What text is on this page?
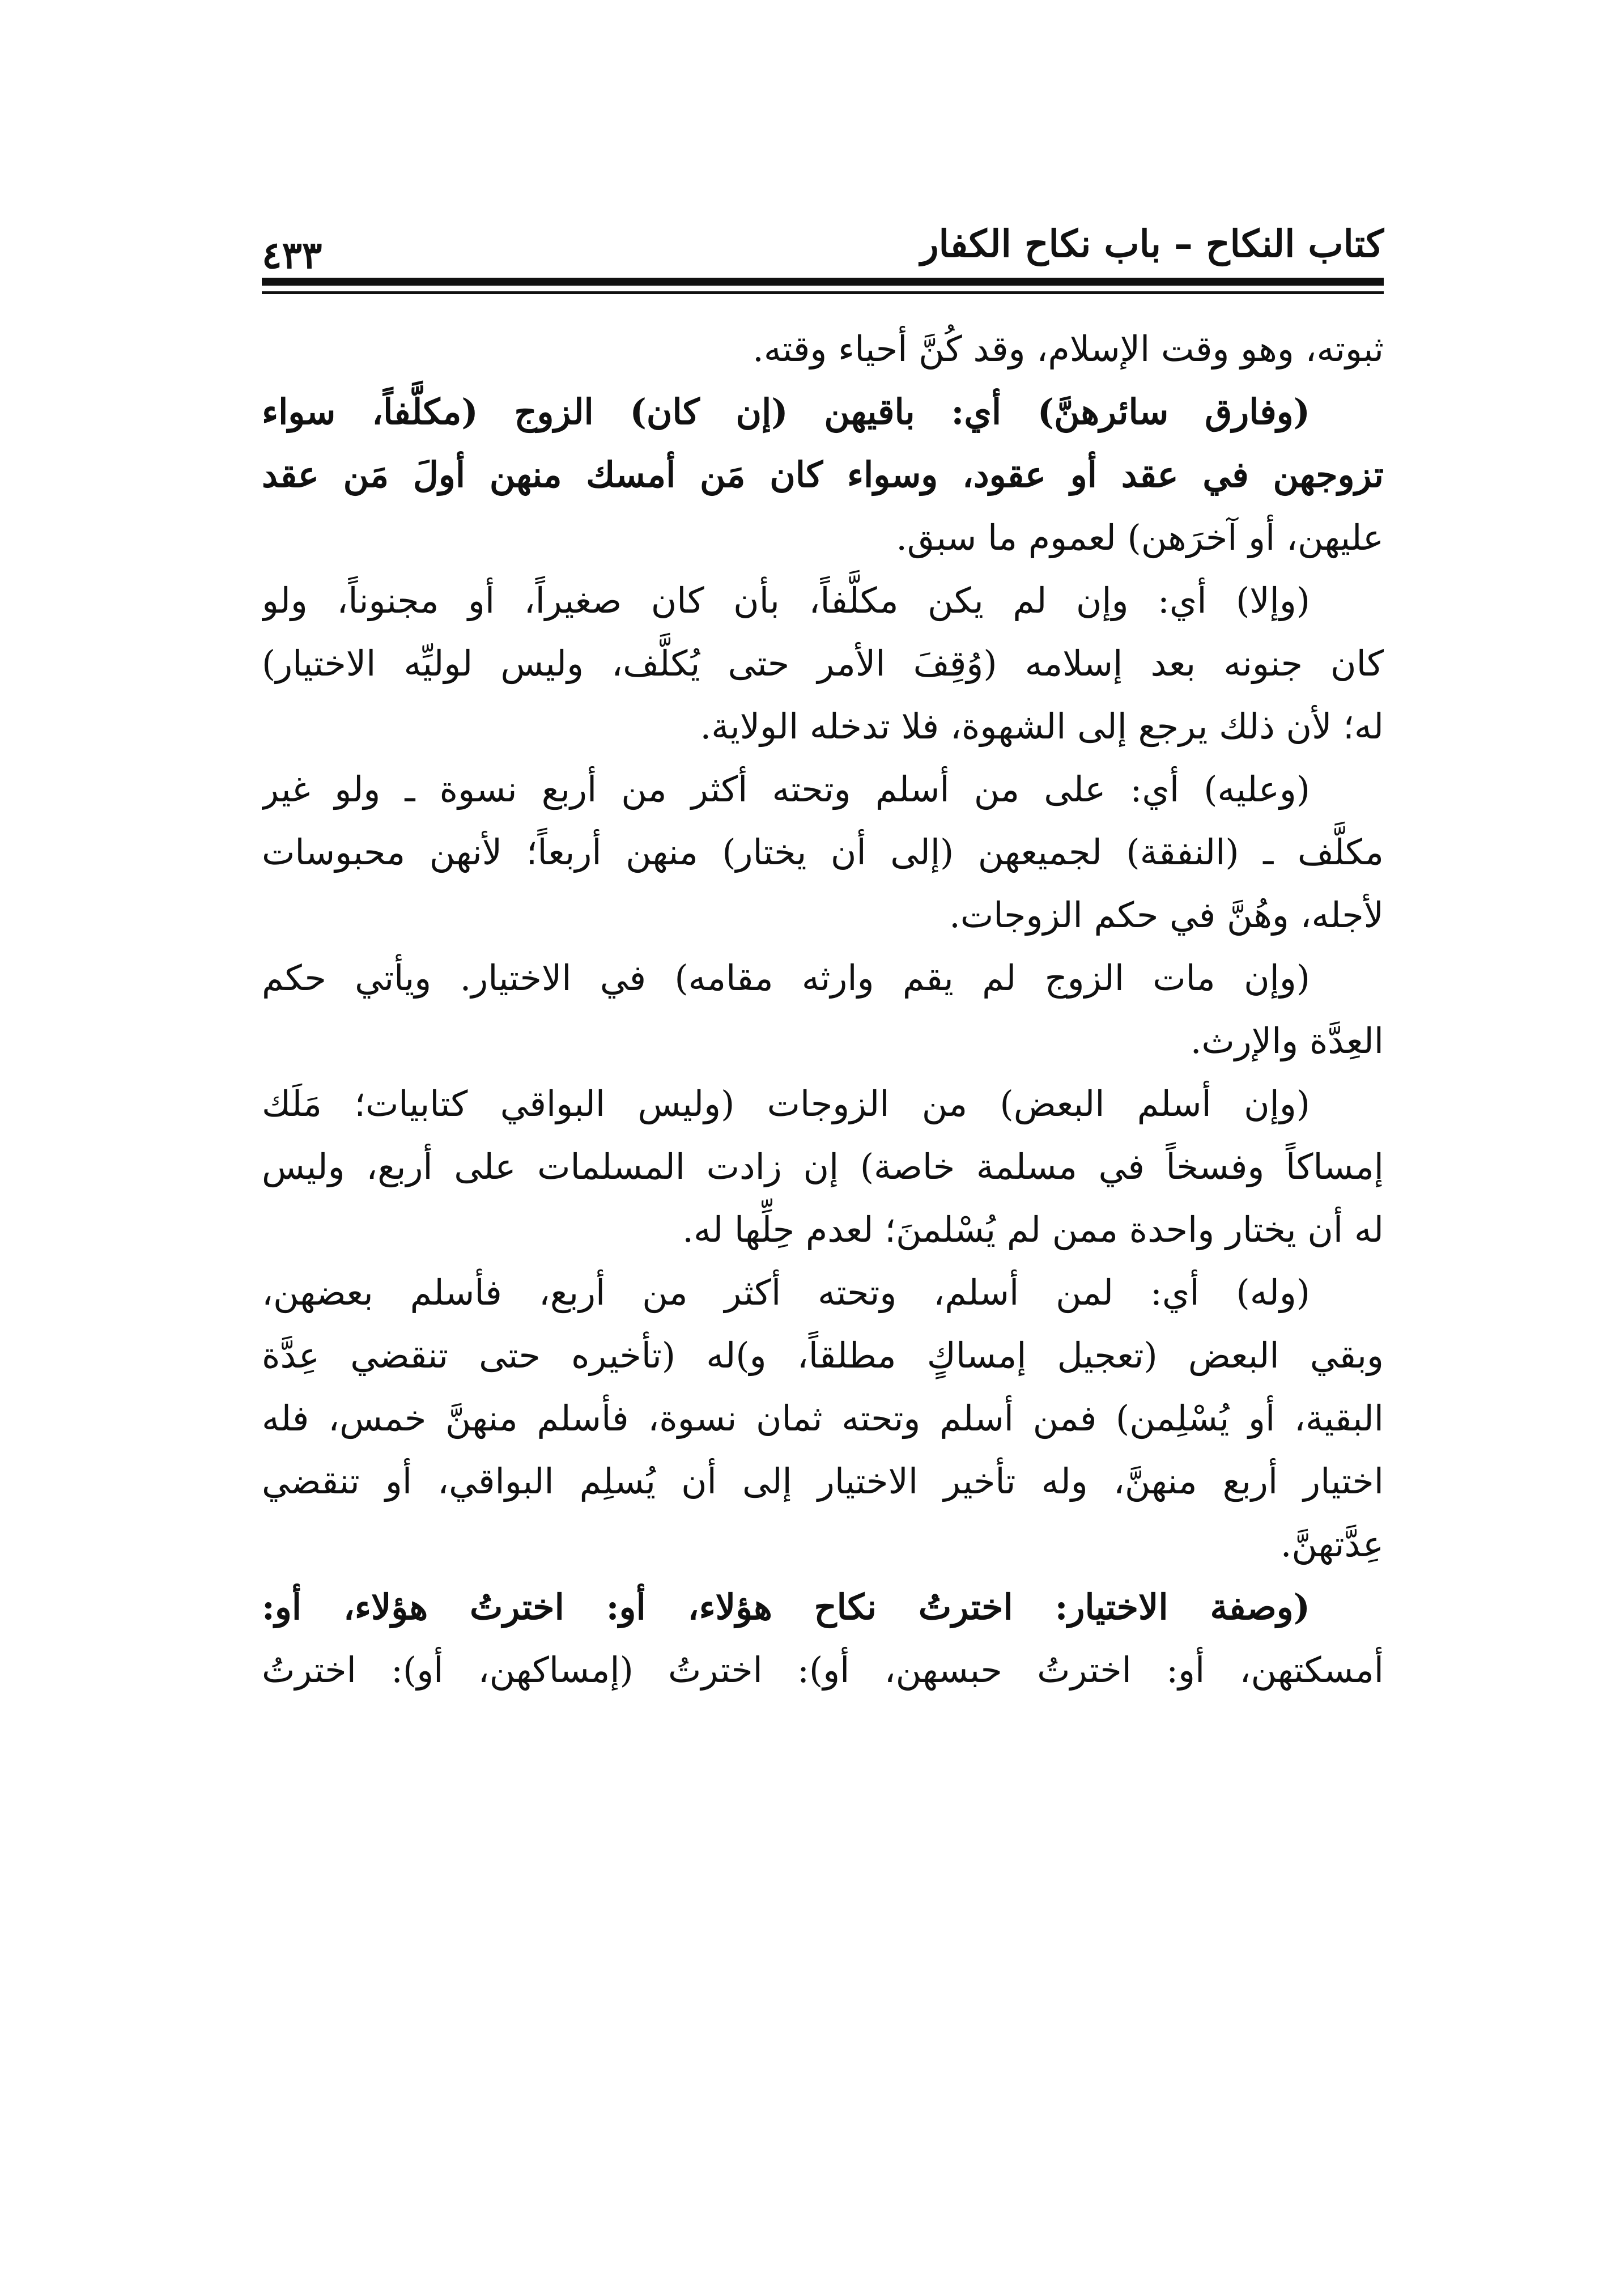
كتاب النكاح – باب نكاح الكفار
٤٣٣
ثبوته، وهو وقت الإسلام، وقد كُنَّ أحياء وقته.
(وفارق سائرهنَّ) أي: باقيهن (إن كان) الزوج (مكلَّفاً، سواء
تزوجهن في عقد أو عقود، وسواء كان مَن أمسك منهن أولَ مَن عقد
عليهن، أو آخرَهن) لعموم ما سبق.
(وإلا) أي: وإن لم يكن مكلَّفاً، بأن كان صغيراً، أو مجنوناً، ولو
كان جنونه بعد إسلامه (وُقِفَ الأمر حتى يُكلَّف، وليس لوليِّه الاختيار)
له؛ لأن ذلك يرجع إلى الشهوة، فلا تدخله الولاية.
(وعليه) أي: على من أسلم وتحته أكثر من أربع نسوة ـ ولو غير
مكلَّف ـ (النفقة) لجميعهن (إلى أن يختار) منهن أربعاً؛ لأنهن محبوسات
لأجله، وهُنَّ في حكم الزوجات.
(وإن مات الزوج لم يقم وارثه مقامه) في الاختيار. ويأتي حكم
العِدَّة والإرث.
(وإن أسلم البعض) من الزوجات (وليس البواقي كتابيات؛ مَلَك
إمساكاً وفسخاً في مسلمة خاصة) إن زادت المسلمات على أربع، وليس
له أن يختار واحدة ممن لم يُسْلمنَ؛ لعدم حِلِّها له.
(وله) أي: لمن أسلم، وتحته أكثر من أربع، فأسلم بعضهن،
وبقي البعض (تعجيل إمساكٍ مطلقاً، و)له (تأخيره حتى تنقضي عِدَّة
البقية، أو يُسْلِمن) فمن أسلم وتحته ثمان نسوة، فأسلم منهنَّ خمس، فله
اختيار أربع منهنَّ، وله تأخير الاختيار إلى أن يُسلِم البواقي، أو تنقضي
عِدَّتهنَّ.
(وصفة الاختيار: اخترتُ نكاح هؤلاء، أو: اخترتُ هؤلاء، أو:
أمسكتهن، أو: اخترتُ حبسهن، أو): اخترتُ (إمساكهن، أو): اخترتُ
